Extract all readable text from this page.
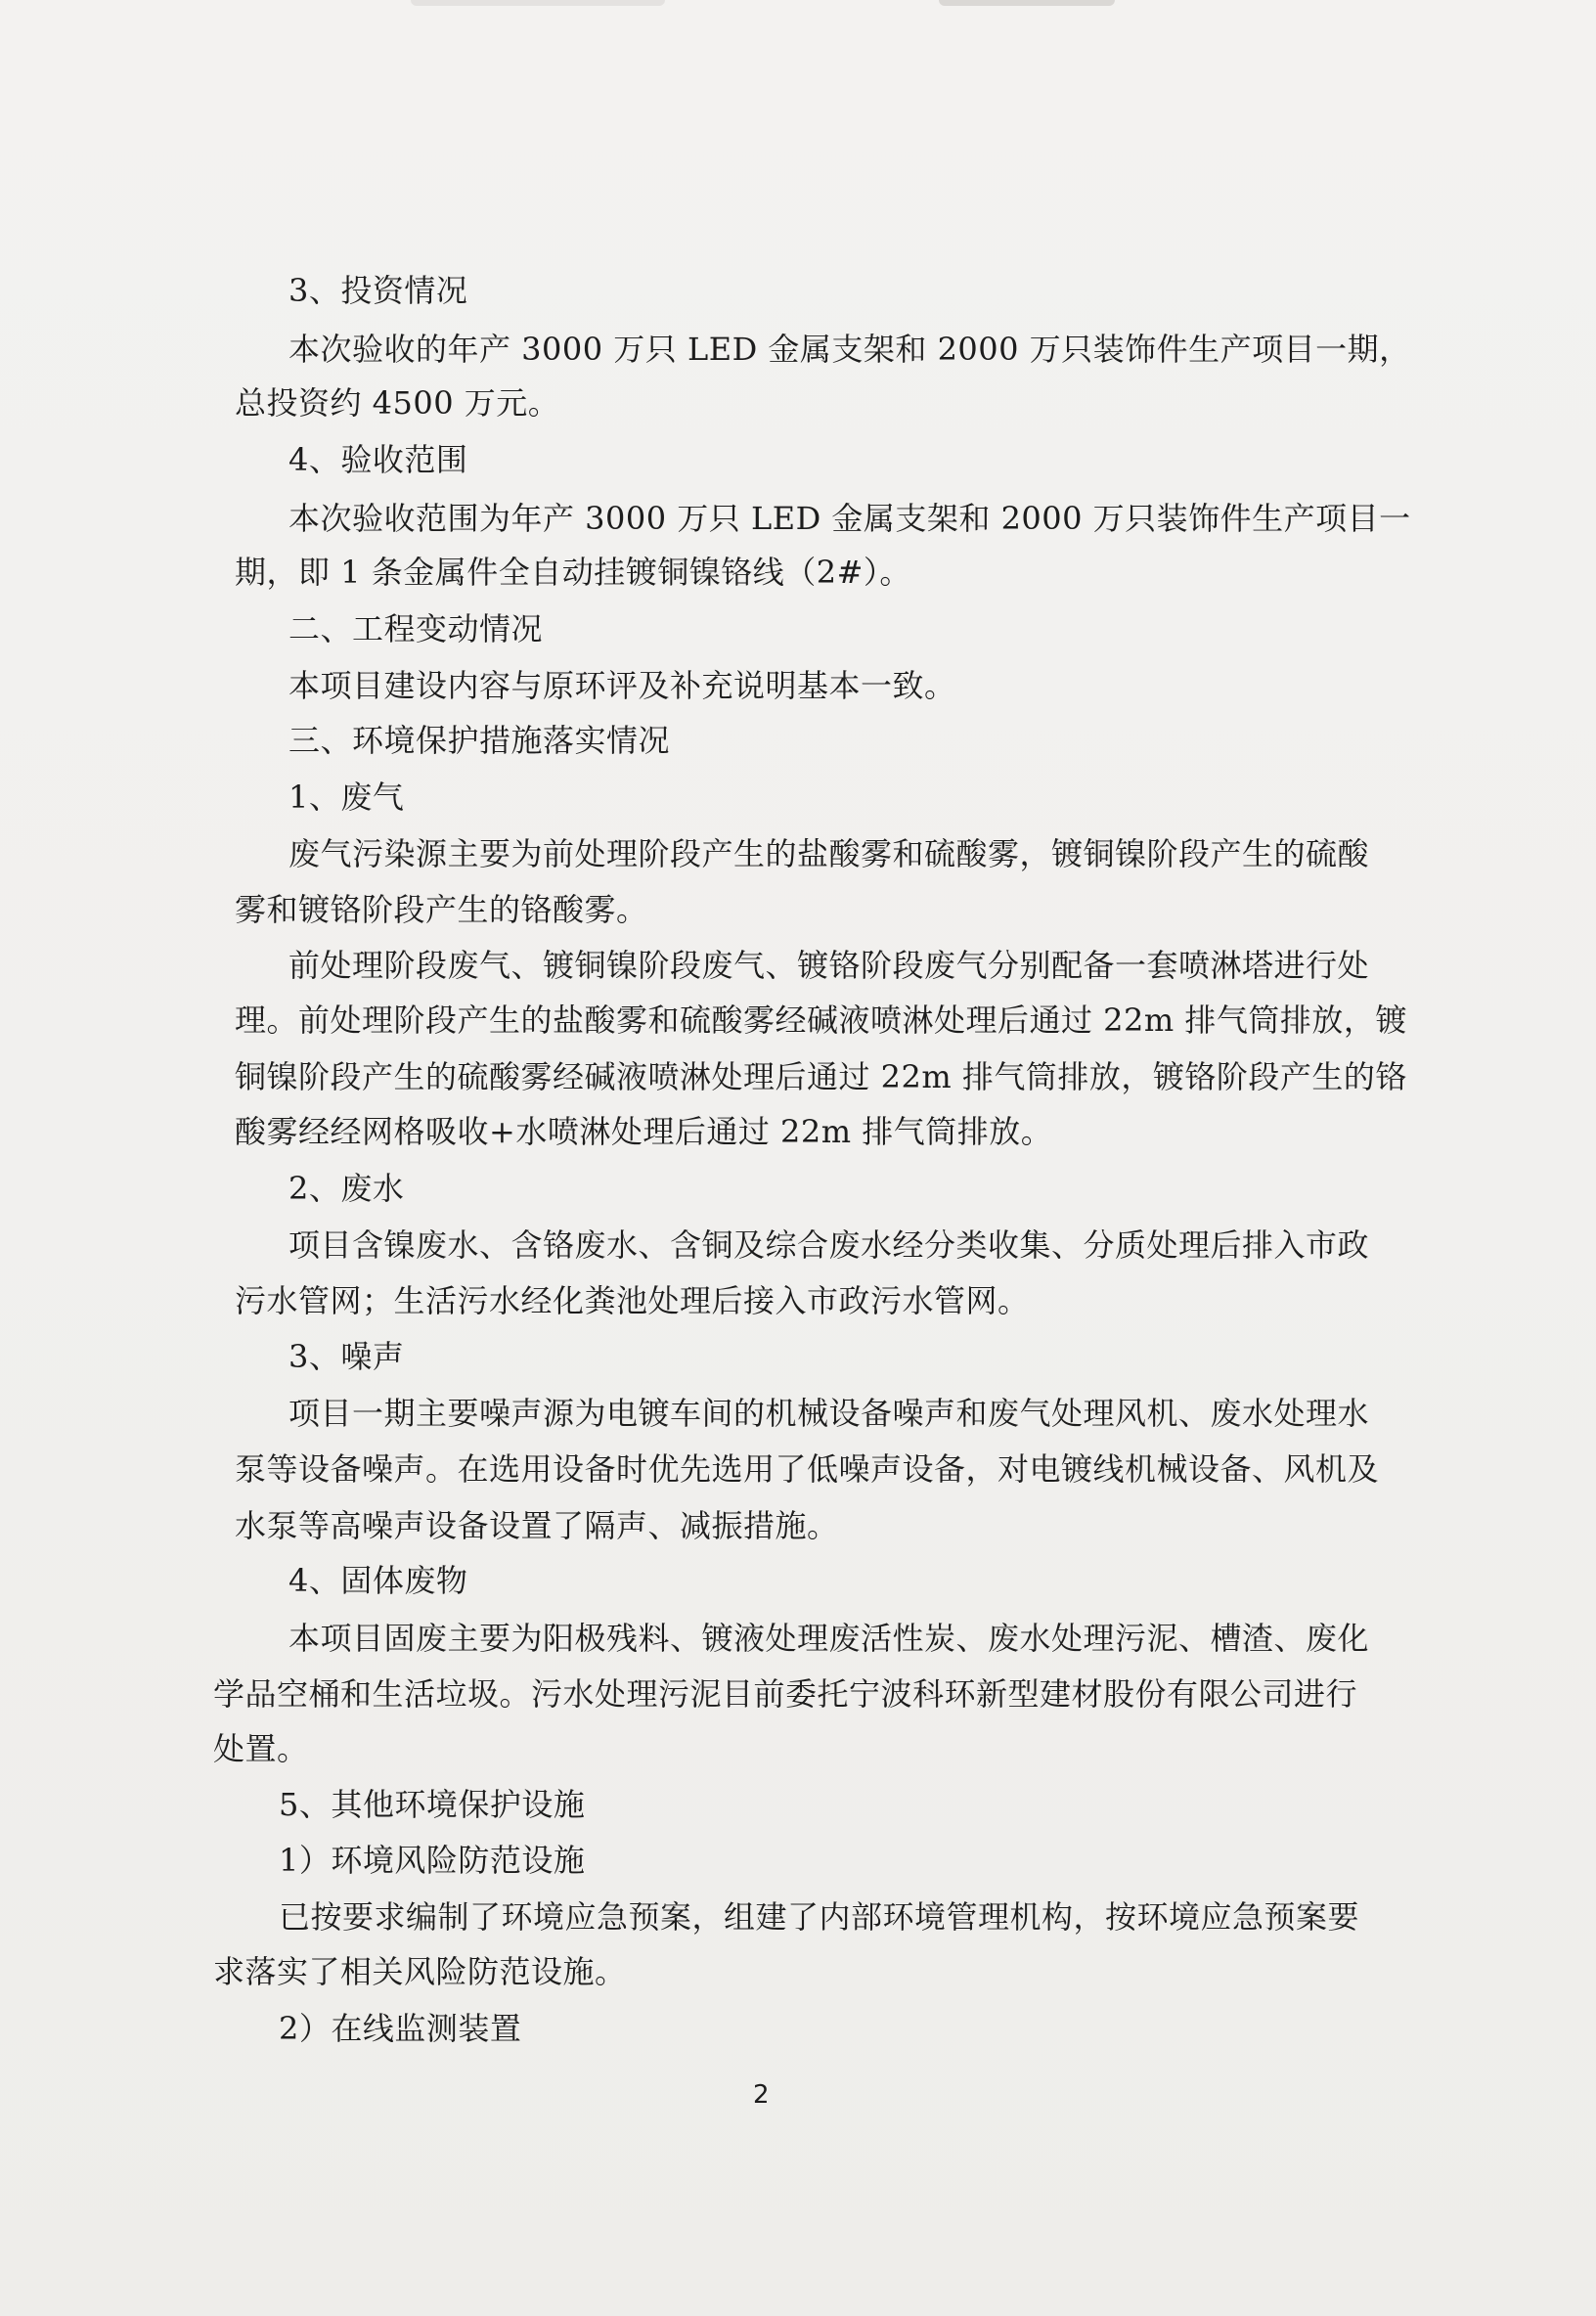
3、投资情况
本次验收的年产 3000 万只 LED 金属支架和 2000 万只装饰件生产项目一期，
总投资约 4500 万元。
4、验收范围
本次验收范围为年产 3000 万只 LED 金属支架和 2000 万只装饰件生产项目一
期，即 1 条金属件全自动挂镀铜镍铬线（2#）。
二、工程变动情况
本项目建设内容与原环评及补充说明基本一致。
三、环境保护措施落实情况
1、废气
废气污染源主要为前处理阶段产生的盐酸雾和硫酸雾，镀铜镍阶段产生的硫酸
雾和镀铬阶段产生的铬酸雾。
前处理阶段废气、镀铜镍阶段废气、镀铬阶段废气分别配备一套喷淋塔进行处
理。前处理阶段产生的盐酸雾和硫酸雾经碱液喷淋处理后通过 22m 排气筒排放，镀
铜镍阶段产生的硫酸雾经碱液喷淋处理后通过 22m 排气筒排放，镀铬阶段产生的铬
酸雾经经网格吸收+水喷淋处理后通过 22m 排气筒排放。
2、废水
项目含镍废水、含铬废水、含铜及综合废水经分类收集、分质处理后排入市政
污水管网；生活污水经化粪池处理后接入市政污水管网。
3、噪声
项目一期主要噪声源为电镀车间的机械设备噪声和废气处理风机、废水处理水
泵等设备噪声。在选用设备时优先选用了低噪声设备，对电镀线机械设备、风机及
水泵等高噪声设备设置了隔声、减振措施。
4、固体废物
本项目固废主要为阳极残料、镀液处理废活性炭、废水处理污泥、槽渣、废化
学品空桶和生活垃圾。污水处理污泥目前委托宁波科环新型建材股份有限公司进行
处置。
5、其他环境保护设施
1）环境风险防范设施
已按要求编制了环境应急预案，组建了内部环境管理机构，按环境应急预案要
求落实了相关风险防范设施。
2）在线监测装置
2
